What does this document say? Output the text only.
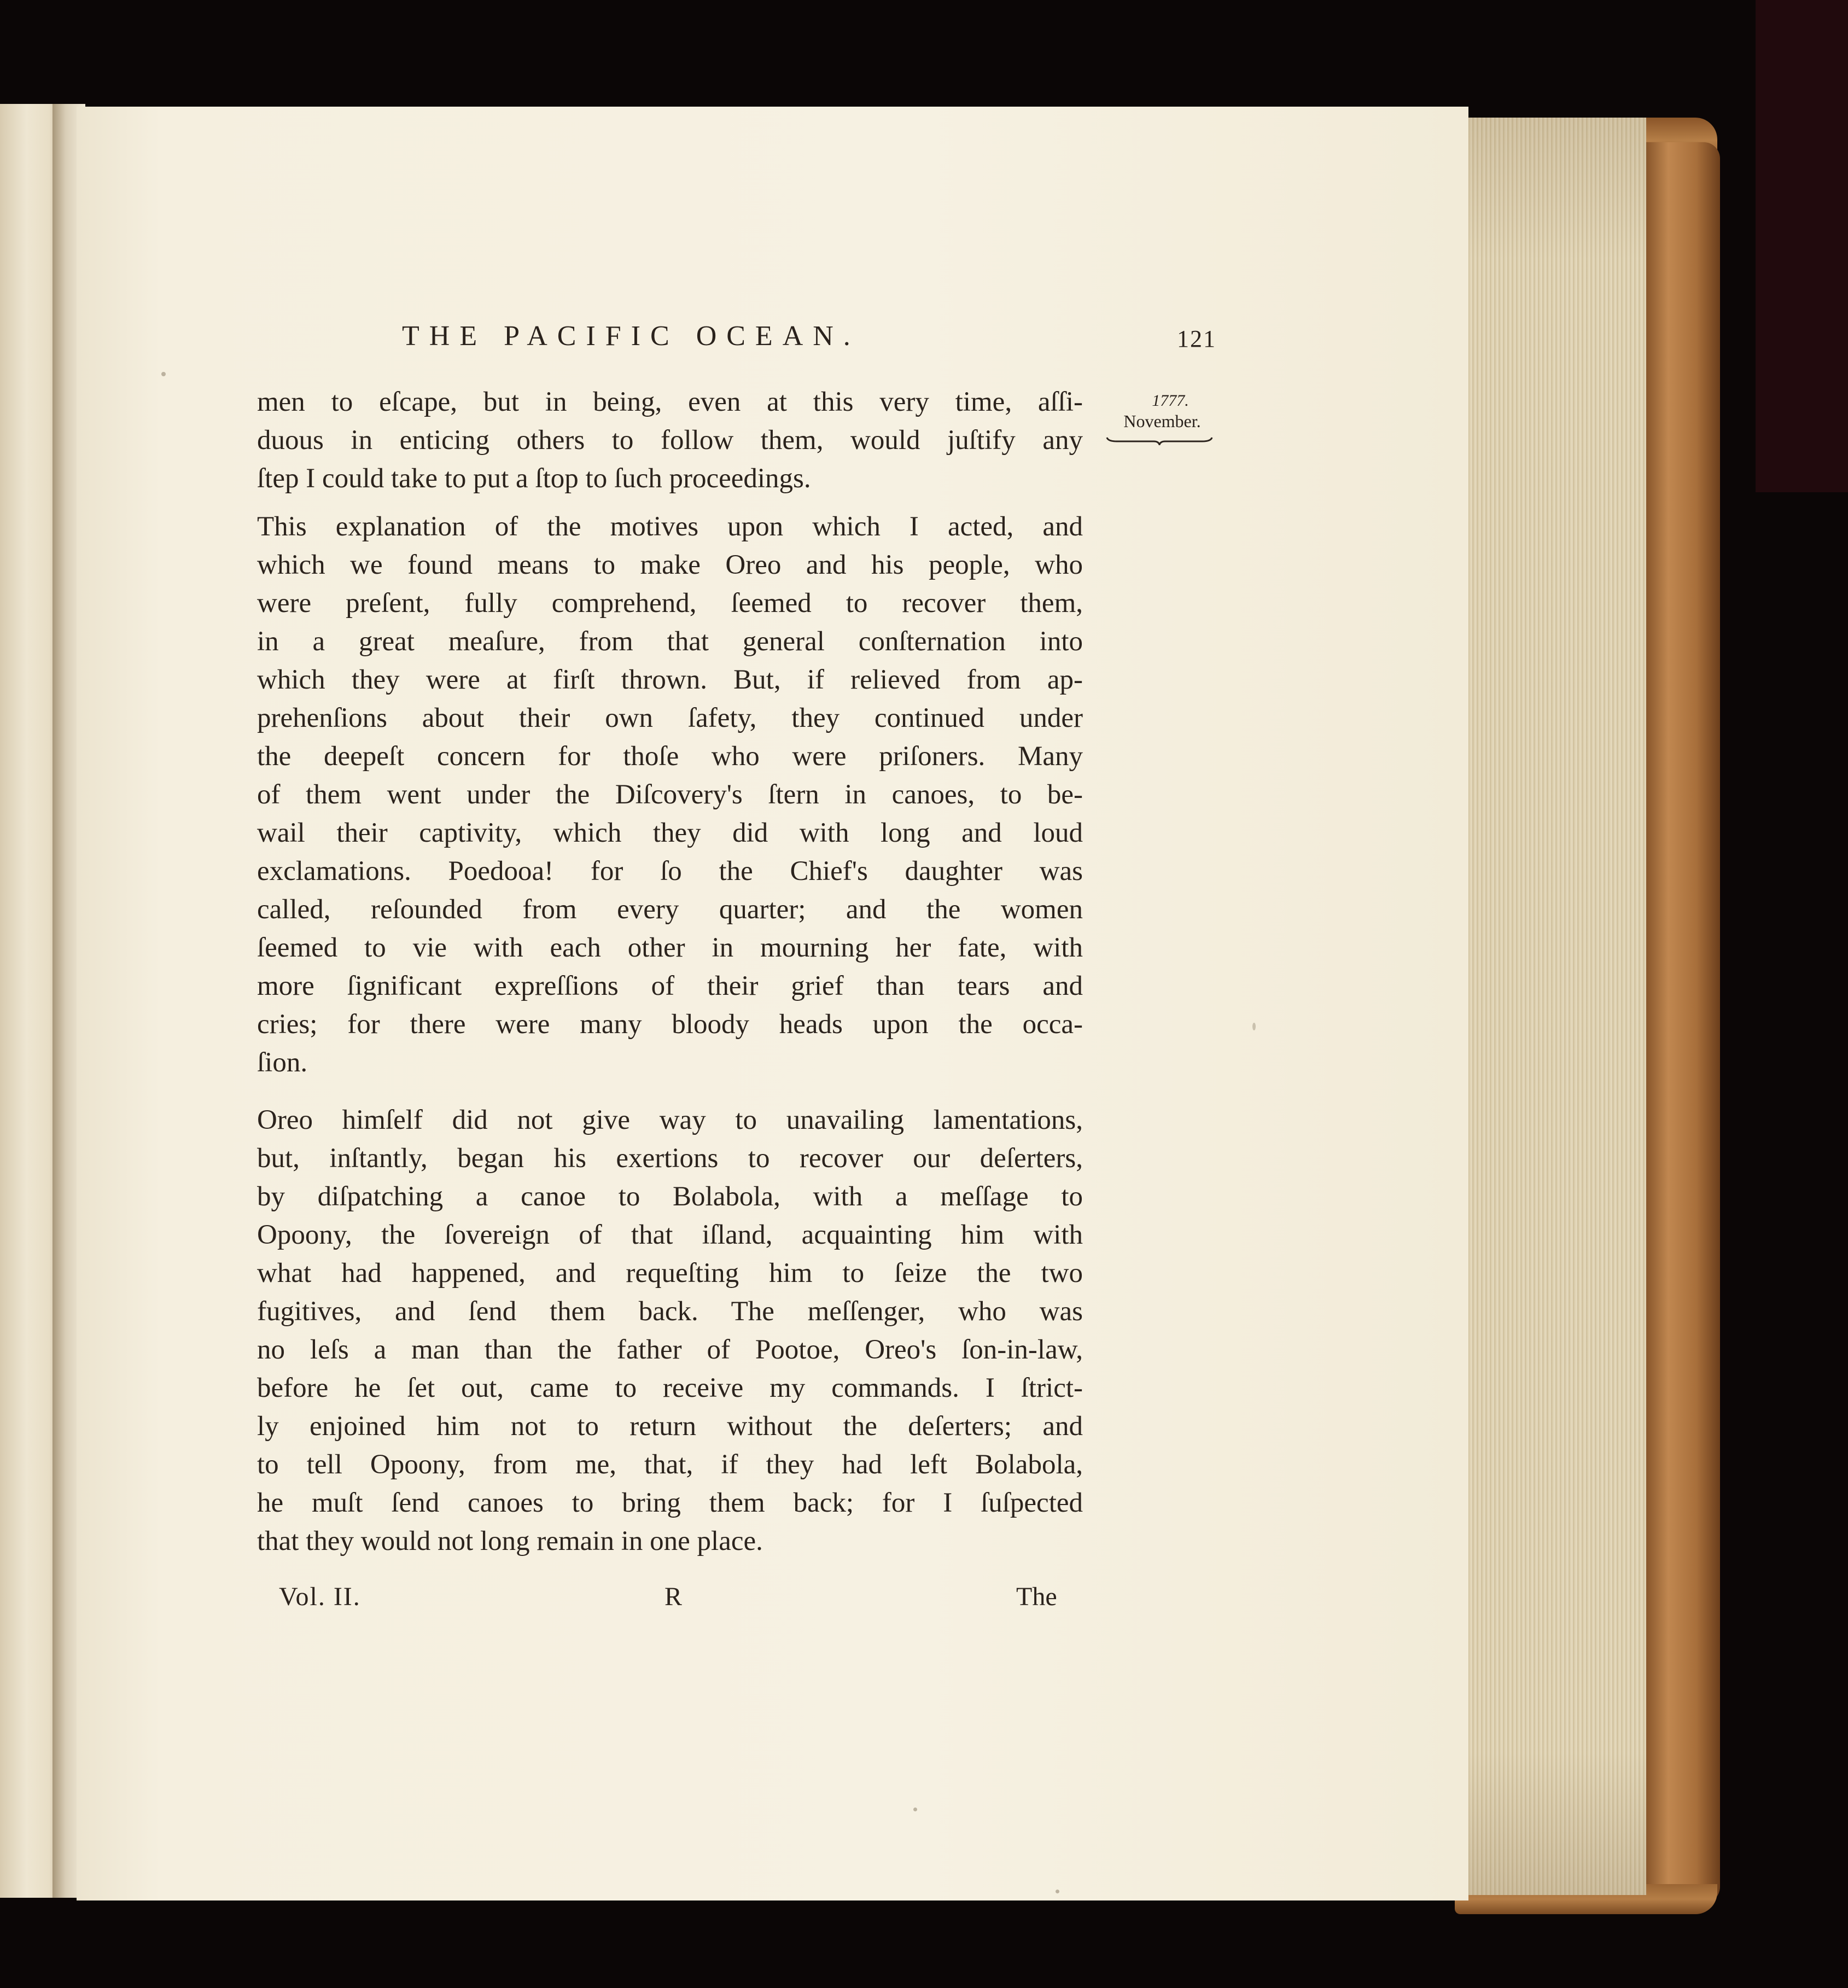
THE PACIFIC OCEAN.	121
1777.
November.

men to eſcape, but in being, even at this very time, aſſi-
duous in enticing others to follow them, would juſtify any
ſtep I could take to put a ſtop to ſuch proceedings.

This explanation of the motives upon which I acted, and
which we found means to make Oreo and his people, who
were preſent, fully comprehend, ſeemed to recover them,
in a great meaſure, from that general conſternation into
which they were at firſt thrown. But, if relieved from ap-
prehenſions about their own ſafety, they continued under
the deepeſt concern for thoſe who were priſoners. Many
of them went under the Diſcovery's ſtern in canoes, to be-
wail their captivity, which they did with long and loud
exclamations. Poedooa! for ſo the Chief's daughter was
called, reſounded from every quarter; and the women
ſeemed to vie with each other in mourning her fate, with
more ſignificant expreſſions of their grief than tears and
cries; for there were many bloody heads upon the occa-
ſion.

Oreo himſelf did not give way to unavailing lamentations,
but, inſtantly, began his exertions to recover our deſerters,
by diſpatching a canoe to Bolabola, with a meſſage to
Opoony, the ſovereign of that iſland, acquainting him with
what had happened, and requeſting him to ſeize the two
fugitives, and ſend them back. The meſſenger, who was
no leſs a man than the father of Pootoe, Oreo's ſon-in-law,
before he ſet out, came to receive my commands. I ſtrict-
ly enjoined him not to return without the deſerters; and
to tell Opoony, from me, that, if they had left Bolabola,
he muſt ſend canoes to bring them back; for I ſuſpected
that they would not long remain in one place.

Vol. II.	R	The
